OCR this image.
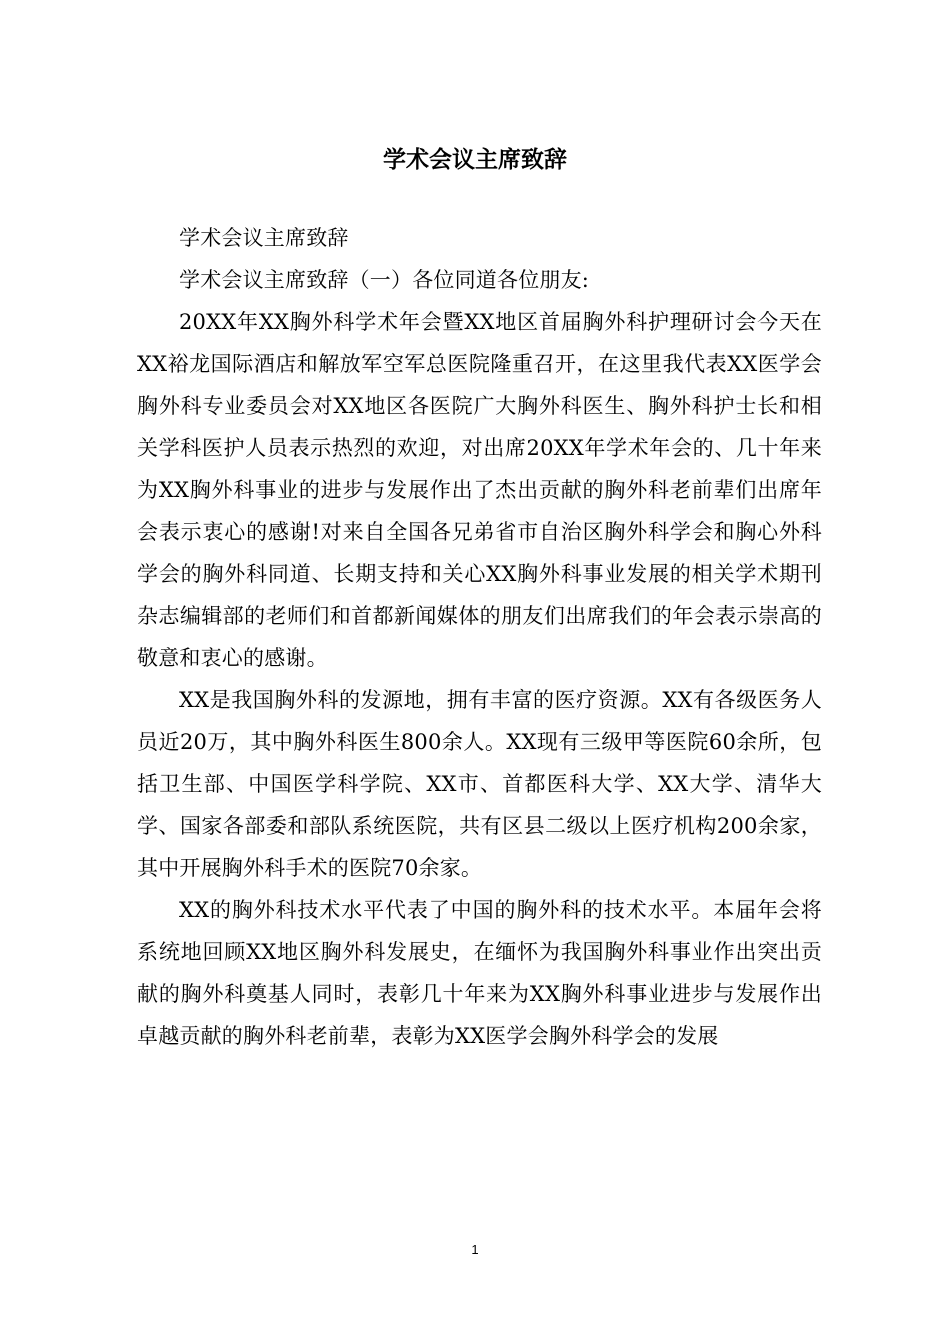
学术会议主席致辞

学术会议主席致辞

学术会议主席致辞（一）各位同道各位朋友:

20XX年XX胸外科学术年会暨XX地区首届胸外科护理研讨会今天在XX裕龙国际酒店和解放军空军总医院隆重召开，在这里我代表XX医学会胸外科专业委员会对XX地区各医院广大胸外科医生、胸外科护士长和相关学科医护人员表示热烈的欢迎，对出席20XX年学术年会的、几十年来为XX胸外科事业的进步与发展作出了杰出贡献的胸外科老前辈们出席年会表示衷心的感谢!对来自全国各兄弟省市自治区胸外科学会和胸心外科学会的胸外科同道、长期支持和关心XX胸外科事业发展的相关学术期刊杂志编辑部的老师们和首都新闻媒体的朋友们出席我们的年会表示崇高的敬意和衷心的感谢。

XX是我国胸外科的发源地，拥有丰富的医疗资源。XX有各级医务人员近20万，其中胸外科医生800余人。XX现有三级甲等医院60余所，包括卫生部、中国医学科学院、XX市、首都医科大学、XX大学、清华大学、国家各部委和部队系统医院，共有区县二级以上医疗机构200余家，其中开展胸外科手术的医院70余家。

XX的胸外科技术水平代表了中国的胸外科的技术水平。本届年会将系统地回顾XX地区胸外科发展史，在缅怀为我国胸外科事业作出突出贡献的胸外科奠基人同时，表彰几十年来为XX胸外科事业进步与发展作出卓越贡献的胸外科老前辈，表彰为XX医学会胸外科学会的发展

1
